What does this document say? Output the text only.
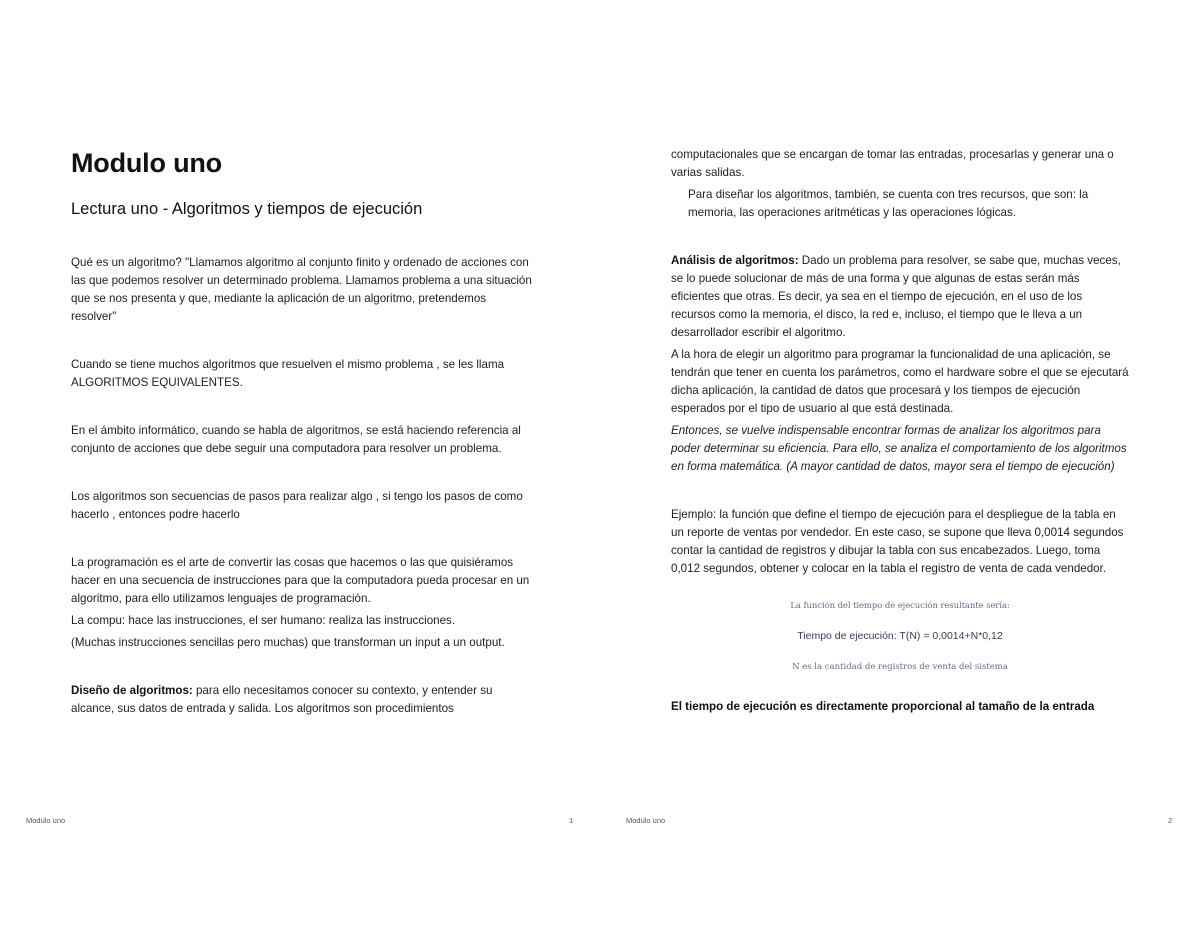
Modulo uno
Lectura uno - Algoritmos y tiempos de ejecución

Qué es un algoritmo? "Llamamos algoritmo al conjunto finito y ordenado de acciones con las que podemos resolver un determinado problema. Llamamos problema a una situación que se nos presenta y que, mediante la aplicación de un algoritmo, pretendemos resolver"

Cuando se tiene muchos algoritmos que resuelven el mismo problema , se les llama ALGORITMOS EQUIVALENTES.

En el ámbito informático, cuando se habla de algoritmos, se está haciendo referencia al conjunto de acciones que debe seguir una computadora para resolver un problema.

Los algoritmos son secuencias de pasos para realizar algo , si tengo los pasos de como hacerlo , entonces podre hacerlo

La programación es el arte de convertir las cosas que hacemos o las que quisiéramos hacer en una secuencia de instrucciones para que la computadora pueda procesar en un algoritmo, para ello utilizamos lenguajes de programación.

La compu: hace las instrucciones, el ser humano: realiza las instrucciones.

(Muchas instrucciones sencillas pero muchas) que transforman un input a un output.

Diseño de algoritmos: para ello necesitamos conocer su contexto, y entender su alcance, sus datos de entrada y salida. Los algoritmos son procedimientos

Modulo uno	1

computacionales que se encargan de tomar las entradas, procesarlas y generar una o varias salidas.

Para diseñar los algoritmos, también, se cuenta con tres recursos, que son: la memoria, las operaciones aritméticas y las operaciones lógicas.

Análisis de algoritmos: Dado un problema para resolver, se sabe que, muchas veces, se lo puede solucionar de más de una forma y que algunas de estas serán más eficientes que otras. Es decir, ya sea en el tiempo de ejecución, en el uso de los recursos como la memoria, el disco, la red e, incluso, el tiempo que le lleva a un desarrollador escribir el algoritmo.

A la hora de elegir un algoritmo para programar la funcionalidad de una aplicación, se tendrán que tener en cuenta los parámetros, como el hardware sobre el que se ejecutará dicha aplicación, la cantidad de datos que procesará y los tiempos de ejecución esperados por el tipo de usuario al que está destinada.

Entonces, se vuelve indispensable encontrar formas de analizar los algoritmos para poder determinar su eficiencia. Para ello, se analiza el comportamiento de los algoritmos en forma matemática. (A mayor cantidad de datos, mayor sera el tiempo de ejecución)

Ejemplo: la función que define el tiempo de ejecución para el despliegue de la tabla en un reporte de ventas por vendedor. En este caso, se supone que lleva 0,0014 segundos contar la cantidad de registros y dibujar la tabla con sus encabezados. Luego, toma 0,012 segundos, obtener y colocar en la tabla el registro de venta de cada vendedor.

La función del tiempo de ejecución resultante sería:
Tiempo de ejecución: T(N) = 0,0014+N*0,12
N es la cantidad de registros de venta del sistema

El tiempo de ejecución es directamente proporcional al tamaño de la entrada

Modulo uno	2
